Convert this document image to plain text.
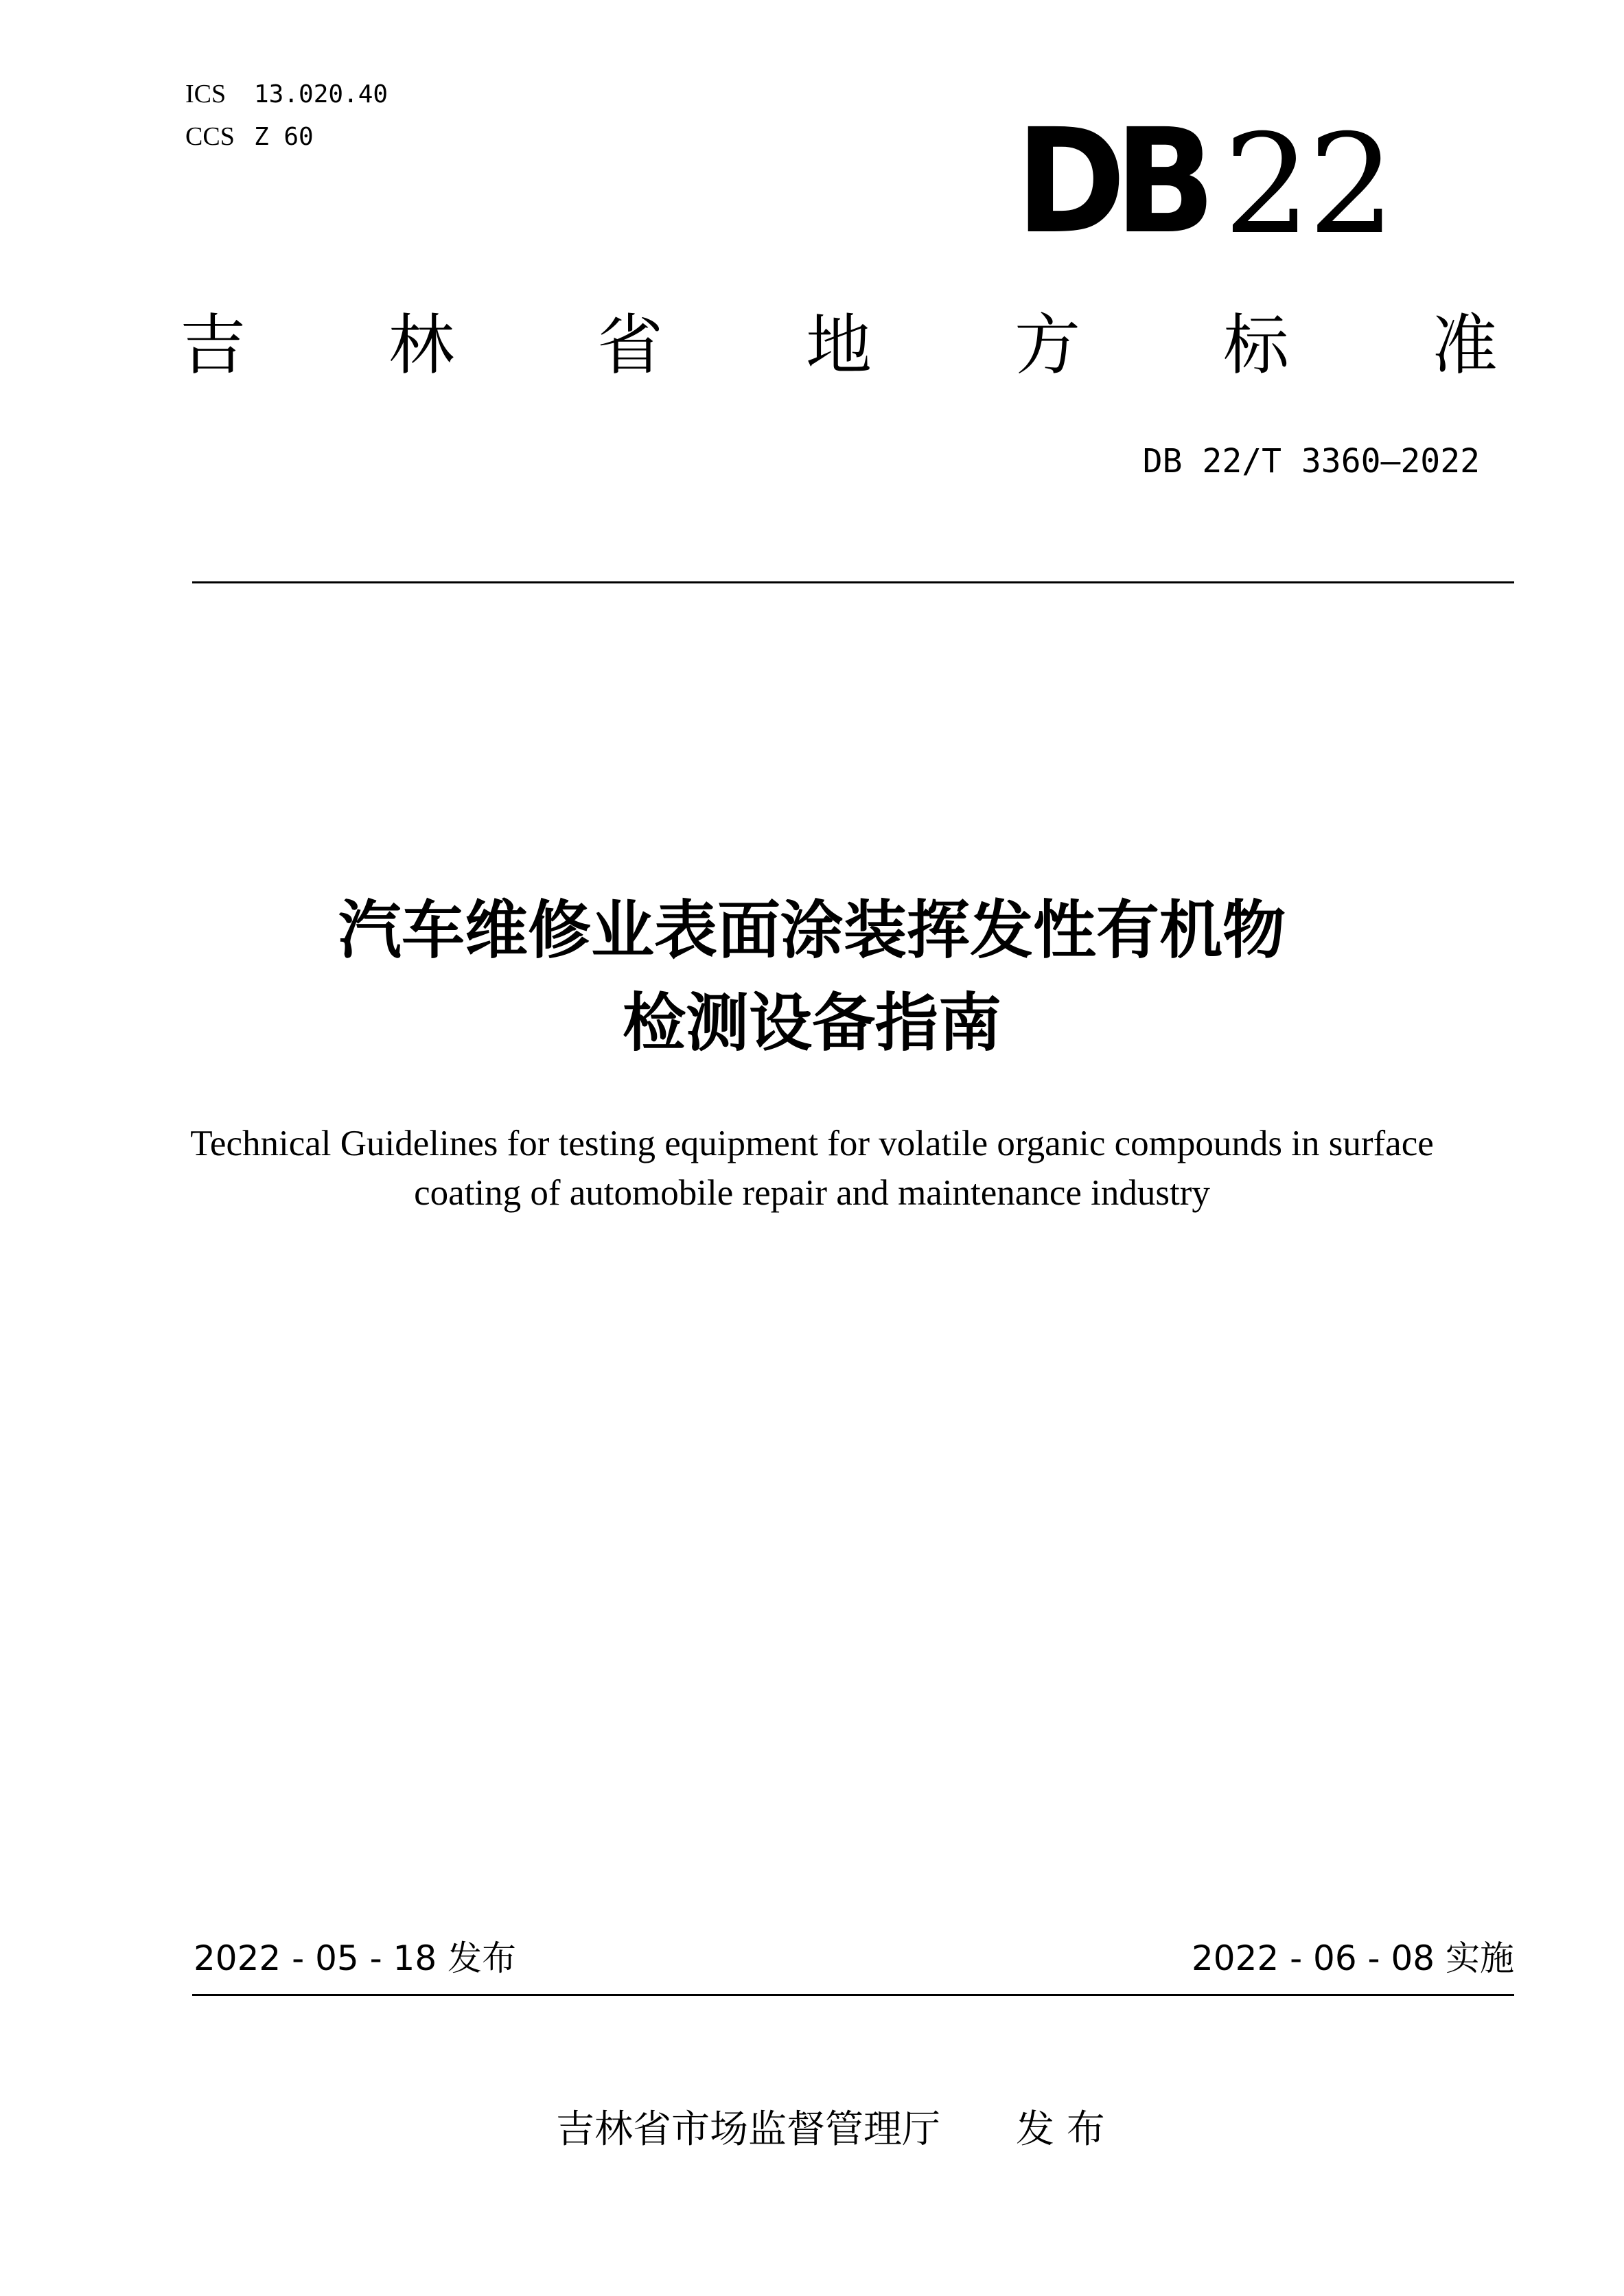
ICS 13.020.40
CCS Z 60	DB 22
吉 林 省 地 方 标 准
DB 22/T 3360—2022
汽车维修业表面涂装挥发性有机物
检测设备指南
Technical Guidelines for testing equipment for volatile organic compounds in surface
coating of automobile repair and maintenance industry
2022 - 05 - 18 发布	2022 - 06 - 08 实施
吉林省市场监督管理厅 发 布
